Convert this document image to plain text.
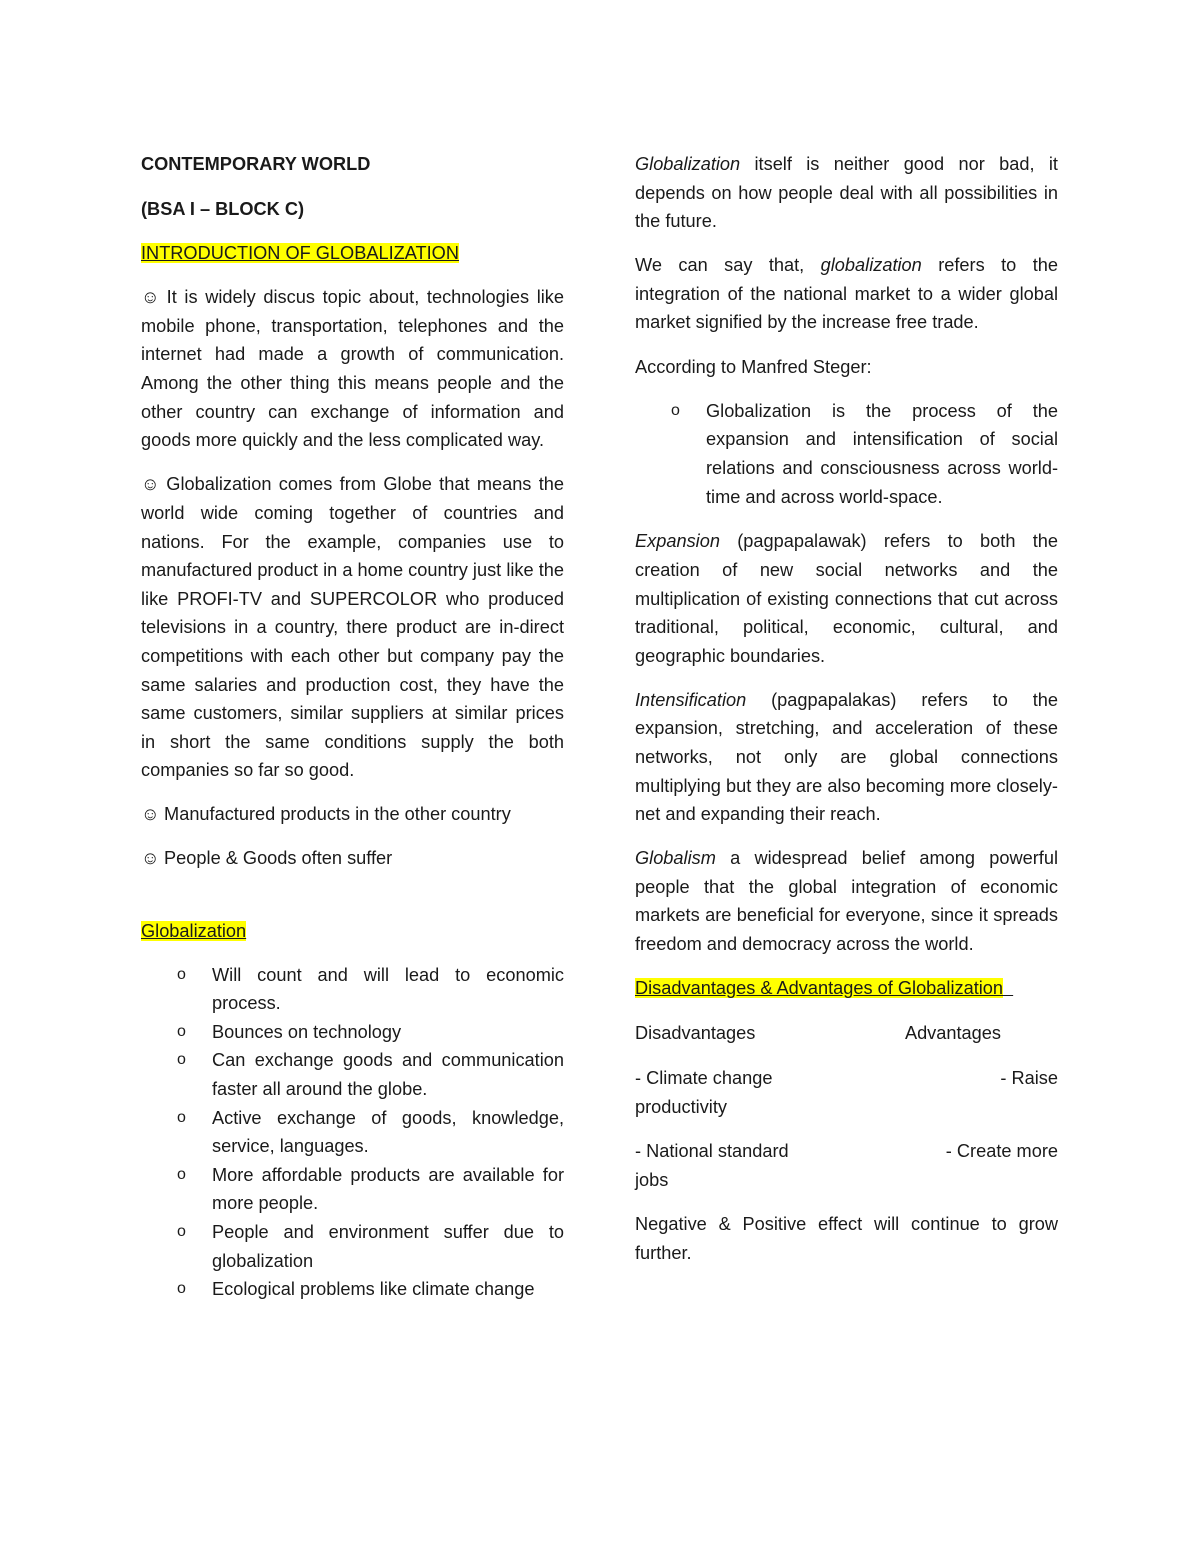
CONTEMPORARY WORLD

(BSA I – BLOCK C)

INTRODUCTION OF GLOBALIZATION

☺ It is widely discus topic about, technologies like mobile phone, transportation, telephones and the internet had made a growth of communication. Among the other thing this means people and the other country can exchange of information and goods more quickly and the less complicated way.

☺ Globalization comes from Globe that means the world wide coming together of countries and nations. For the example, companies use to manufactured product in a home country just like the like PROFI-TV and SUPERCOLOR who produced televisions in a country, there product are in-direct competitions with each other but company pay the same salaries and production cost, they have the same customers, similar suppliers at similar prices in short the same conditions supply the both companies so far so good.

☺ Manufactured products in the other country

☺ People & Goods often suffer

Globalization

o Will count and will lead to economic process.
o Bounces on technology
o Can exchange goods and communication faster all around the globe.
o Active exchange of goods, knowledge, service, languages.
o More affordable products are available for more people.
o People and environment suffer due to globalization
o Ecological problems like climate change

Globalization itself is neither good nor bad, it depends on how people deal with all possibilities in the future.

We can say that, globalization refers to the integration of the national market to a wider global market signified by the increase free trade.

According to Manfred Steger:

o Globalization is the process of the expansion and intensification of social relations and consciousness across world-time and across world-space.

Expansion (pagpapalawak) refers to both the creation of new social networks and the multiplication of existing connections that cut across traditional, political, economic, cultural, and geographic boundaries.

Intensification (pagpapalakas) refers to the expansion, stretching, and acceleration of these networks, not only are global connections multiplying but they are also becoming more closely-net and expanding their reach.

Globalism a widespread belief among powerful people that the global integration of economic markets are beneficial for everyone, since it spreads freedom and democracy across the world.

Disadvantages & Advantages of Globalization

Disadvantages	Advantages
- Climate change	- Raise
productivity
- National standard	- Create more
jobs

Negative & Positive effect will continue to grow further.
